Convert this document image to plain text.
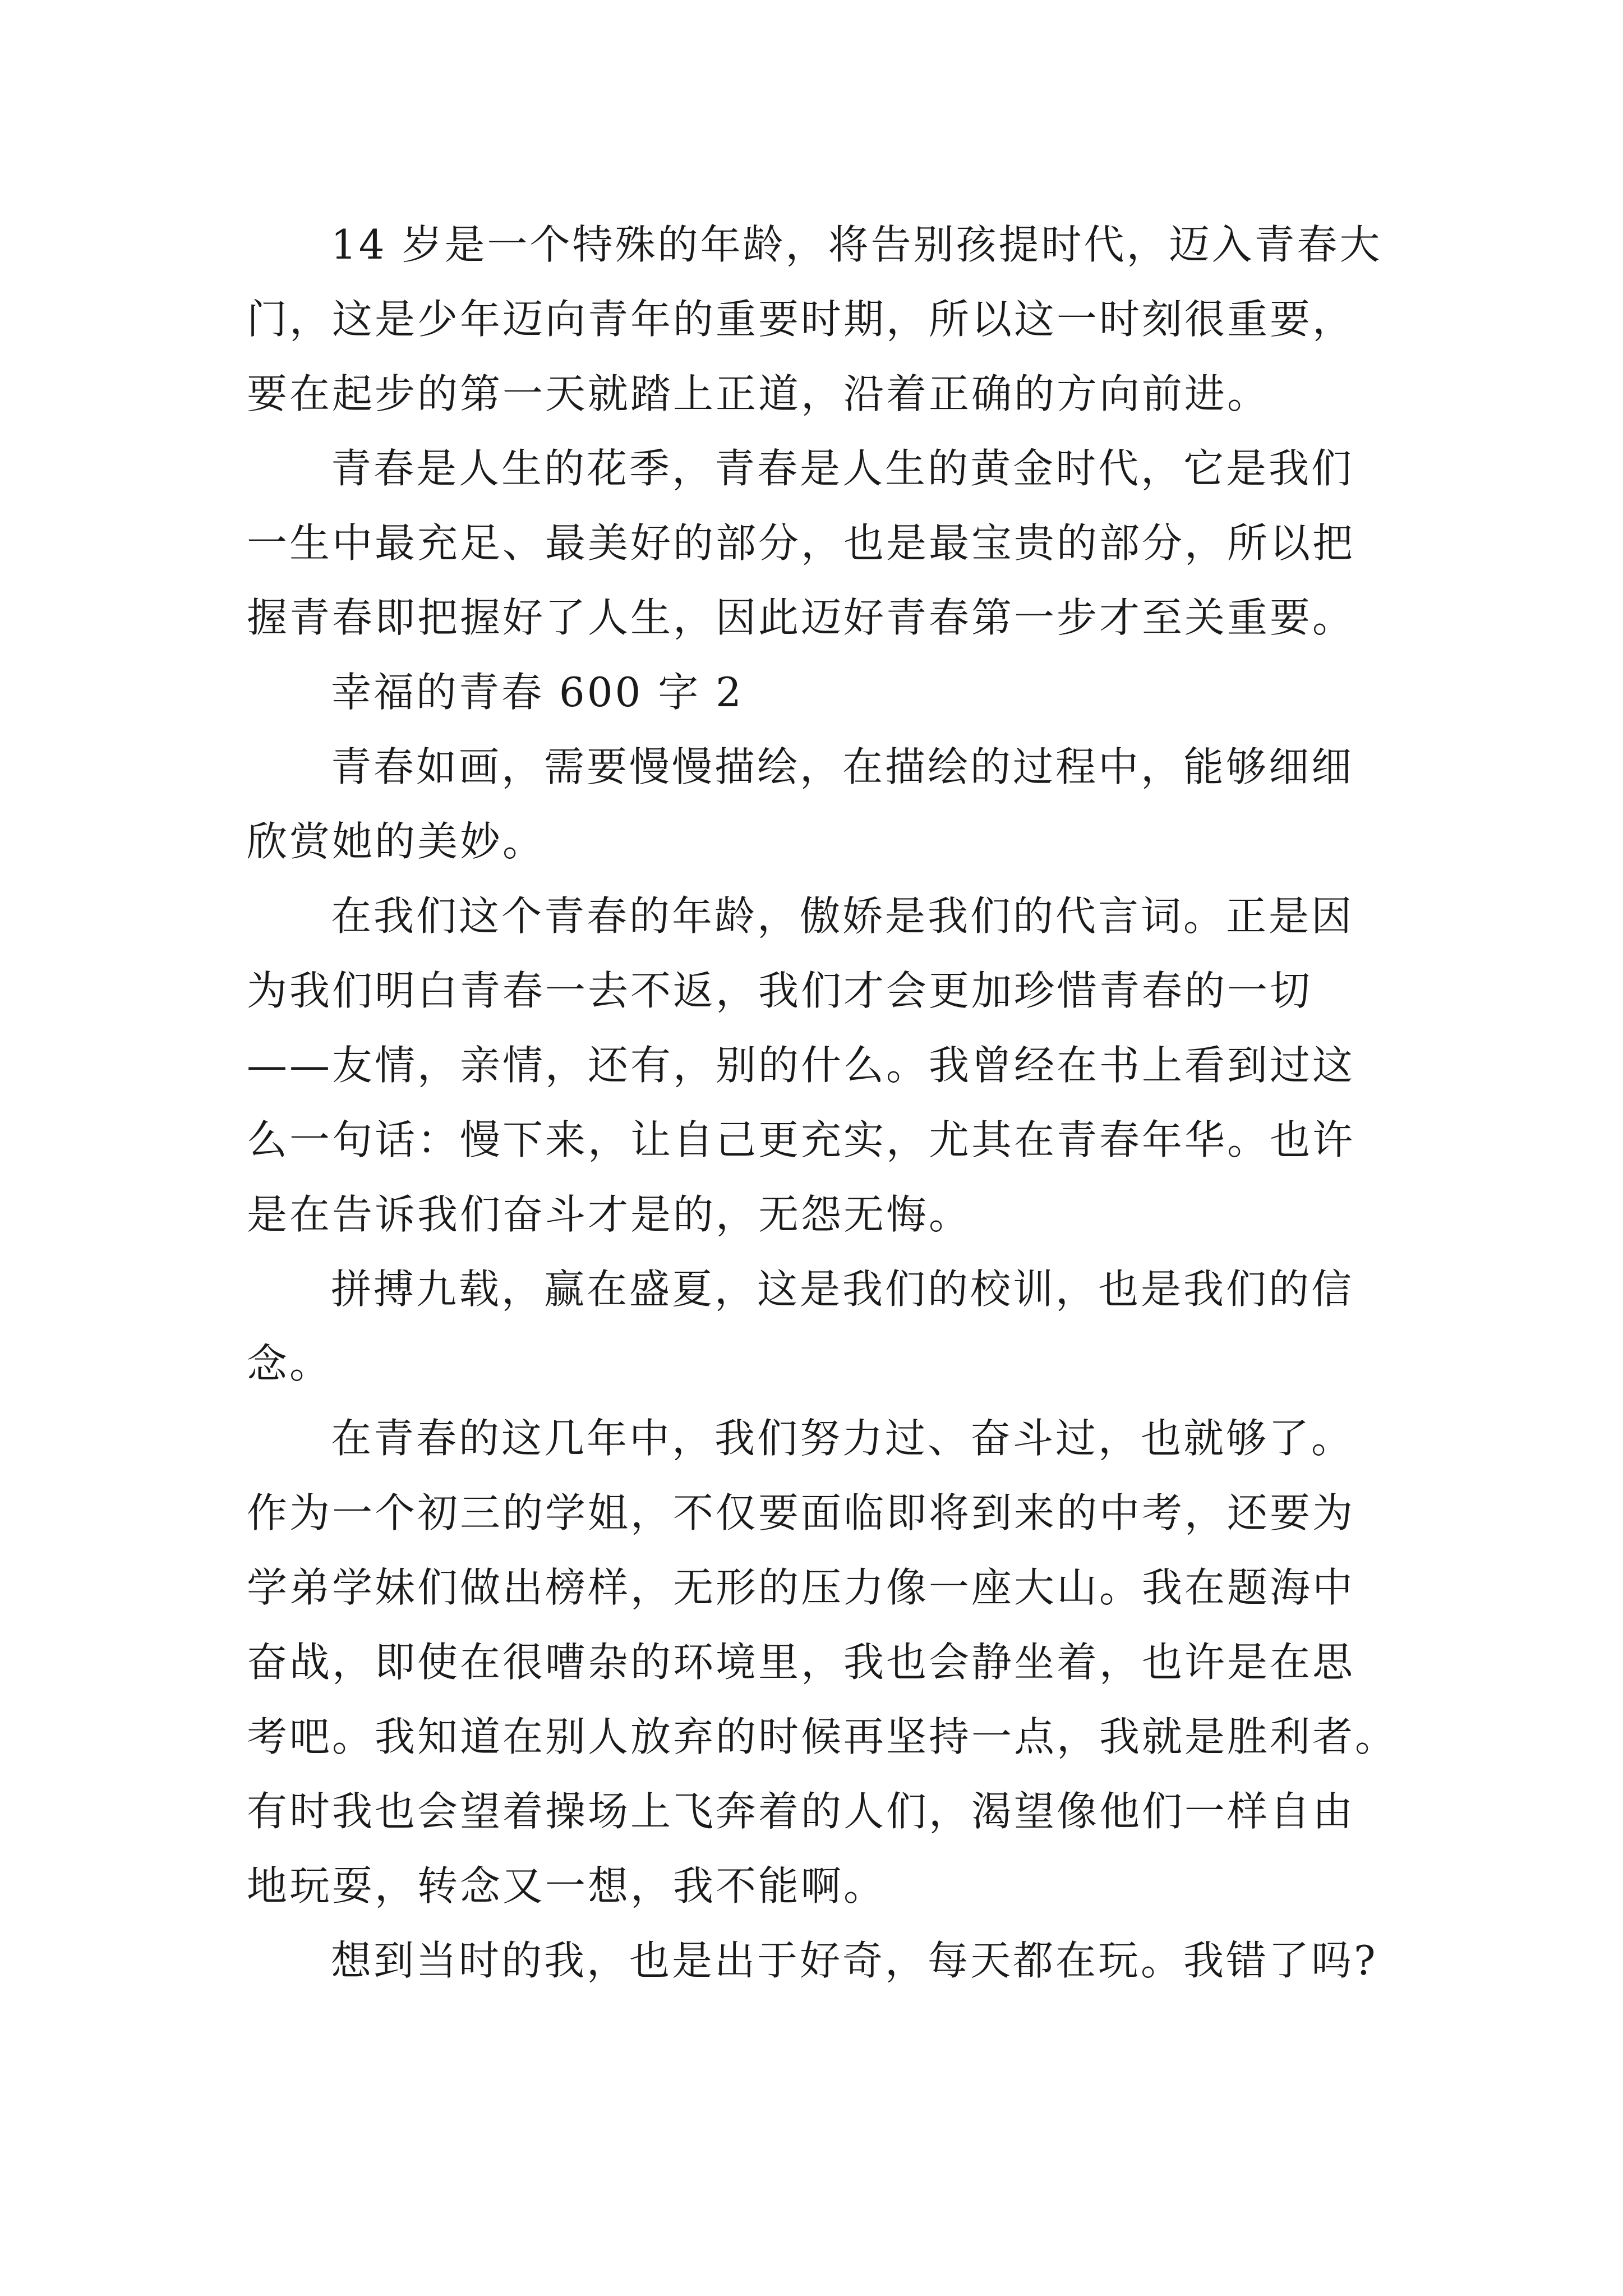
14 岁是一个特殊的年龄，将告别孩提时代，迈入青春大
门，这是少年迈向青年的重要时期，所以这一时刻很重要，
要在起步的第一天就踏上正道，沿着正确的方向前进。
青春是人生的花季，青春是人生的黄金时代，它是我们
一生中最充足、最美好的部分，也是最宝贵的部分，所以把
握青春即把握好了人生，因此迈好青春第一步才至关重要。
幸福的青春 600 字 2
青春如画，需要慢慢描绘，在描绘的过程中，能够细细
欣赏她的美妙。
在我们这个青春的年龄，傲娇是我们的代言词。正是因
为我们明白青春一去不返，我们才会更加珍惜青春的一切
——友情，亲情，还有，别的什么。我曾经在书上看到过这
么一句话：慢下来，让自己更充实，尤其在青春年华。也许
是在告诉我们奋斗才是的，无怨无悔。
拼搏九载，赢在盛夏，这是我们的校训，也是我们的信
念。
在青春的这几年中，我们努力过、奋斗过，也就够了。
作为一个初三的学姐，不仅要面临即将到来的中考，还要为
学弟学妹们做出榜样，无形的压力像一座大山。我在题海中
奋战，即使在很嘈杂的环境里，我也会静坐着，也许是在思
考吧。我知道在别人放弃的时候再坚持一点，我就是胜利者。
有时我也会望着操场上飞奔着的人们，渴望像他们一样自由
地玩耍，转念又一想，我不能啊。
想到当时的我，也是出于好奇，每天都在玩。我错了吗?
